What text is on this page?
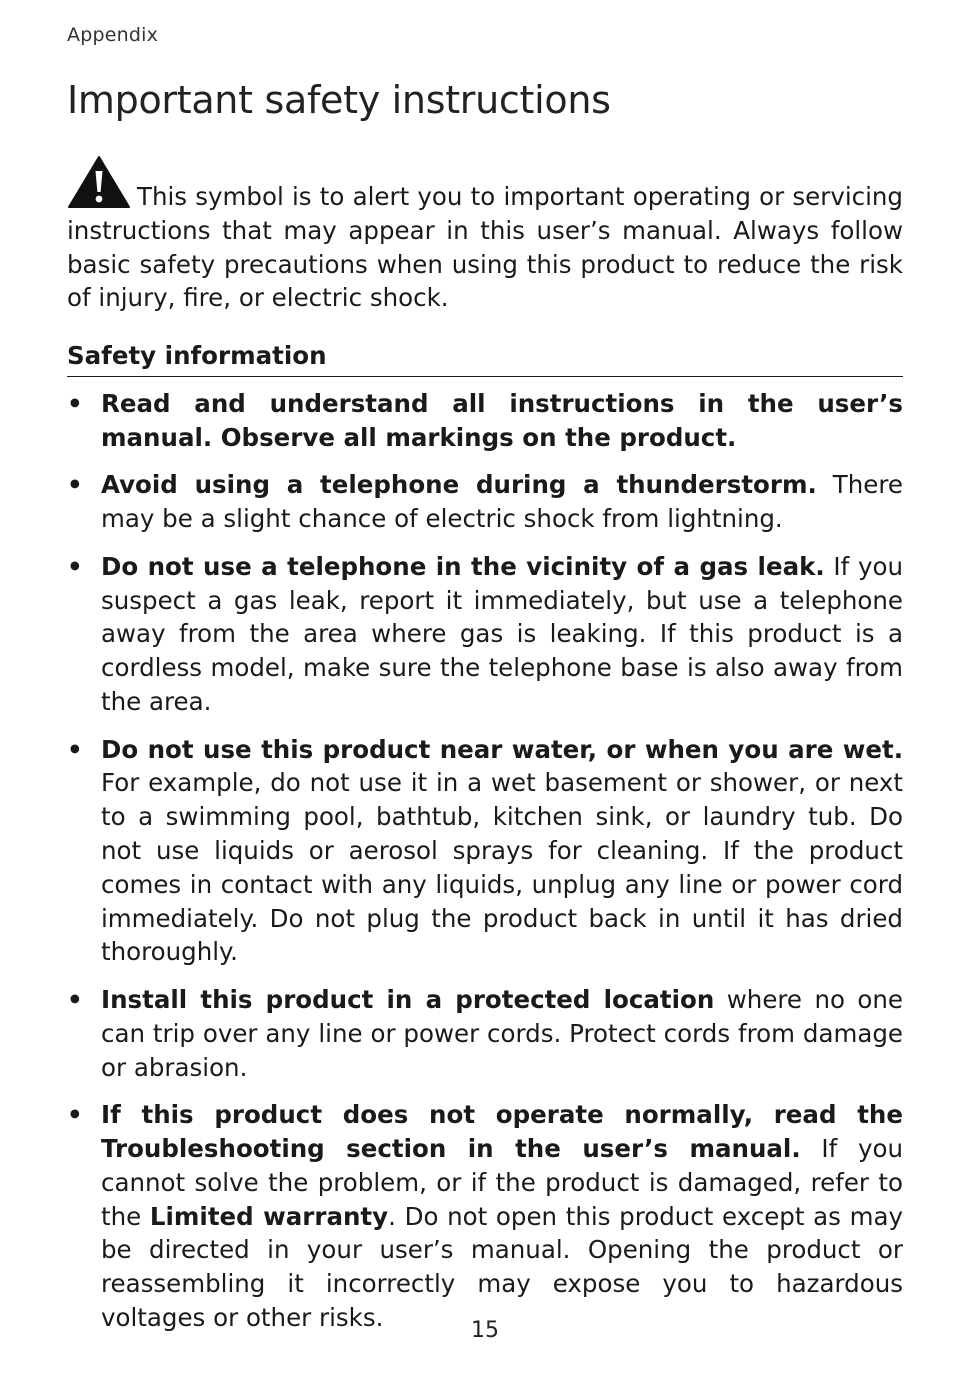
Appendix
Important safety instructions

This symbol is to alert you to important operating or servicing instructions that may appear in this user’s manual. Always follow basic safety precautions when using this product to reduce the risk of injury, fire, or electric shock.

Safety information
• Read and understand all instructions in the user’s manual. Observe all markings on the product.
• Avoid using a telephone during a thunderstorm. There may be a slight chance of electric shock from lightning.
• Do not use a telephone in the vicinity of a gas leak. If you suspect a gas leak, report it immediately, but use a telephone away from the area where gas is leaking. If this product is a cordless model, make sure the telephone base is also away from the area.
• Do not use this product near water, or when you are wet. For example, do not use it in a wet basement or shower, or next to a swimming pool, bathtub, kitchen sink, or laundry tub. Do not use liquids or aerosol sprays for cleaning. If the product comes in contact with any liquids, unplug any line or power cord immediately. Do not plug the product back in until it has dried thoroughly.
• Install this product in a protected location where no one can trip over any line or power cords. Protect cords from damage or abrasion.
• If this product does not operate normally, read the Troubleshooting section in the user’s manual. If you cannot solve the problem, or if the product is damaged, refer to the Limited warranty. Do not open this product except as may be directed in your user’s manual. Opening the product or reassembling it incorrectly may expose you to hazardous voltages or other risks.	15
